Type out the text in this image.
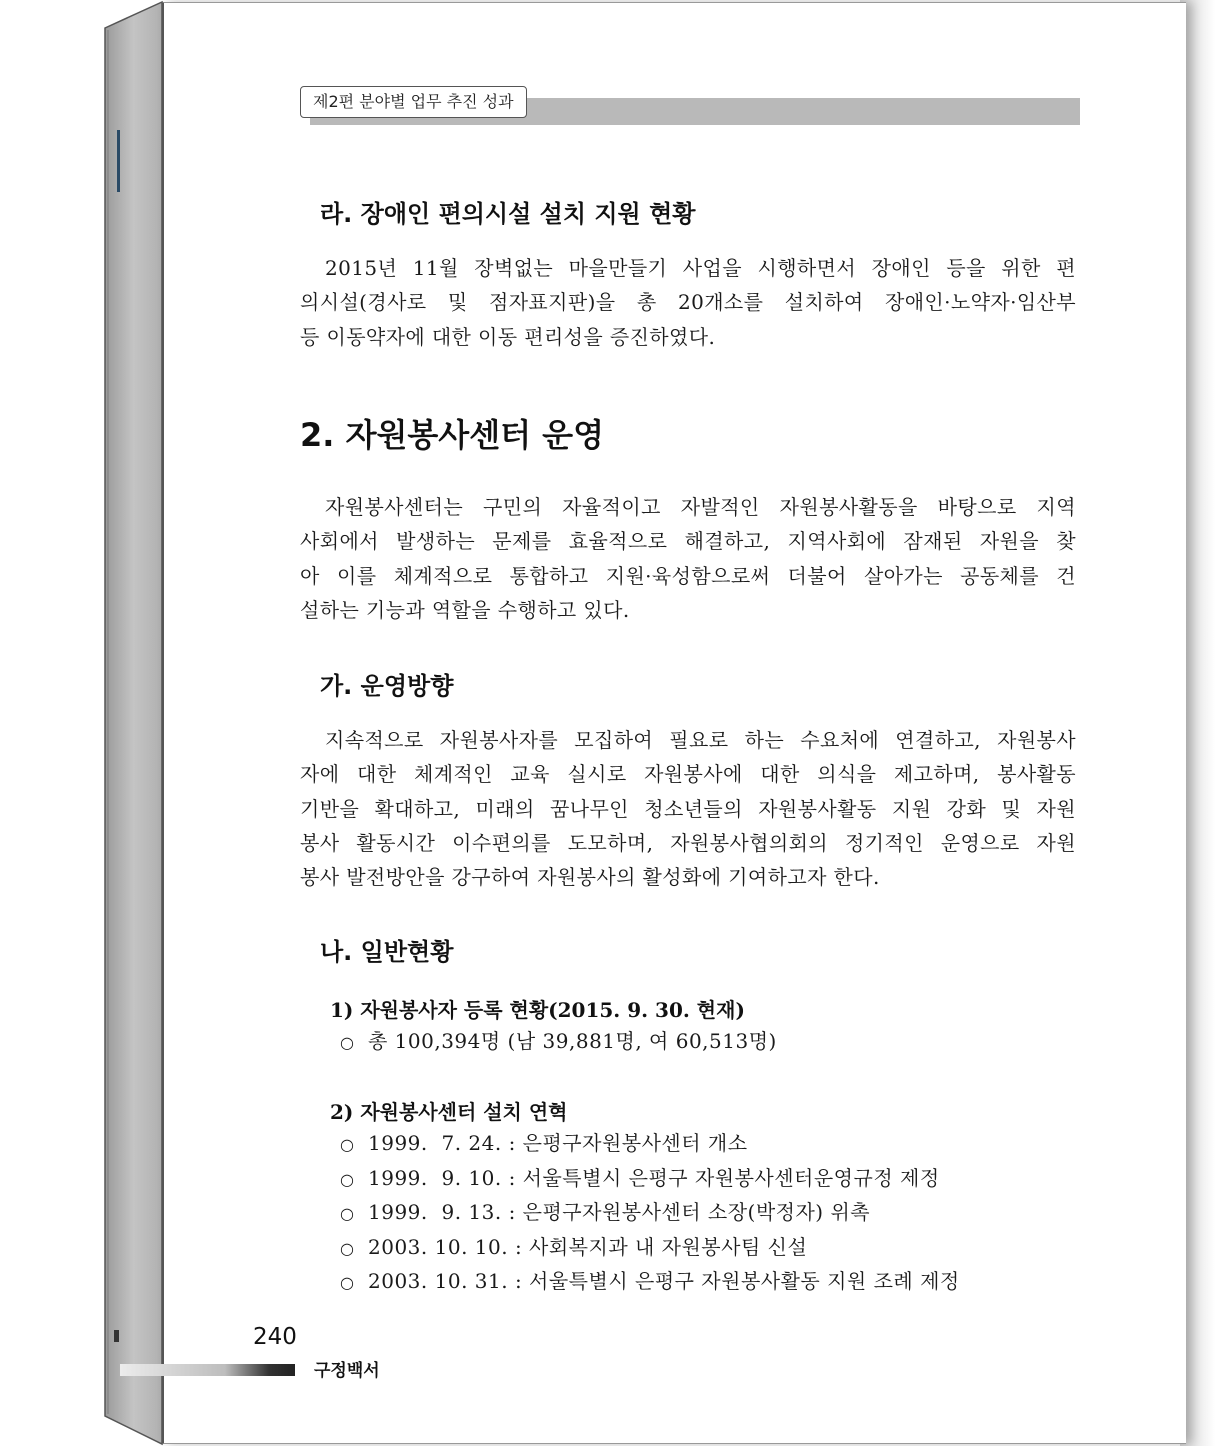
제2편 분야별 업무 추진 성과
라. 장애인 편의시설 설치 지원 현황
2015년 11월 장벽없는 마을만들기 사업을 시행하면서 장애인 등을 위한 편
의시설(경사로 및 점자표지판)을 총 20개소를 설치하여 장애인·노약자·임산부
등 이동약자에 대한 이동 편리성을 증진하였다.
2. 자원봉사센터 운영
자원봉사센터는 구민의 자율적이고 자발적인 자원봉사활동을 바탕으로 지역
사회에서 발생하는 문제를 효율적으로 해결하고, 지역사회에 잠재된 자원을 찾
아 이를 체계적으로 통합하고 지원·육성함으로써 더불어 살아가는 공동체를 건
설하는 기능과 역할을 수행하고 있다.
가. 운영방향
지속적으로 자원봉사자를 모집하여 필요로 하는 수요처에 연결하고, 자원봉사
자에 대한 체계적인 교육 실시로 자원봉사에 대한 의식을 제고하며, 봉사활동
기반을 확대하고, 미래의 꿈나무인 청소년들의 자원봉사활동 지원 강화 및 자원
봉사 활동시간 이수편의를 도모하며, 자원봉사협의회의 정기적인 운영으로 자원
봉사 발전방안을 강구하여 자원봉사의 활성화에 기여하고자 한다.
나. 일반현황
1) 자원봉사자 등록 현황(2015. 9. 30. 현재)
○ 총 100,394명 (남 39,881명, 여 60,513명)
2) 자원봉사센터 설치 연혁
○ 1999.  7. 24. : 은평구자원봉사센터 개소
○ 1999.  9. 10. : 서울특별시 은평구 자원봉사센터운영규정 제정
○ 1999.  9. 13. : 은평구자원봉사센터 소장(박정자) 위촉
○ 2003. 10. 10. : 사회복지과 내 자원봉사팀 신설
○ 2003. 10. 31. : 서울특별시 은평구 자원봉사활동 지원 조례 제정
240
구정백서
